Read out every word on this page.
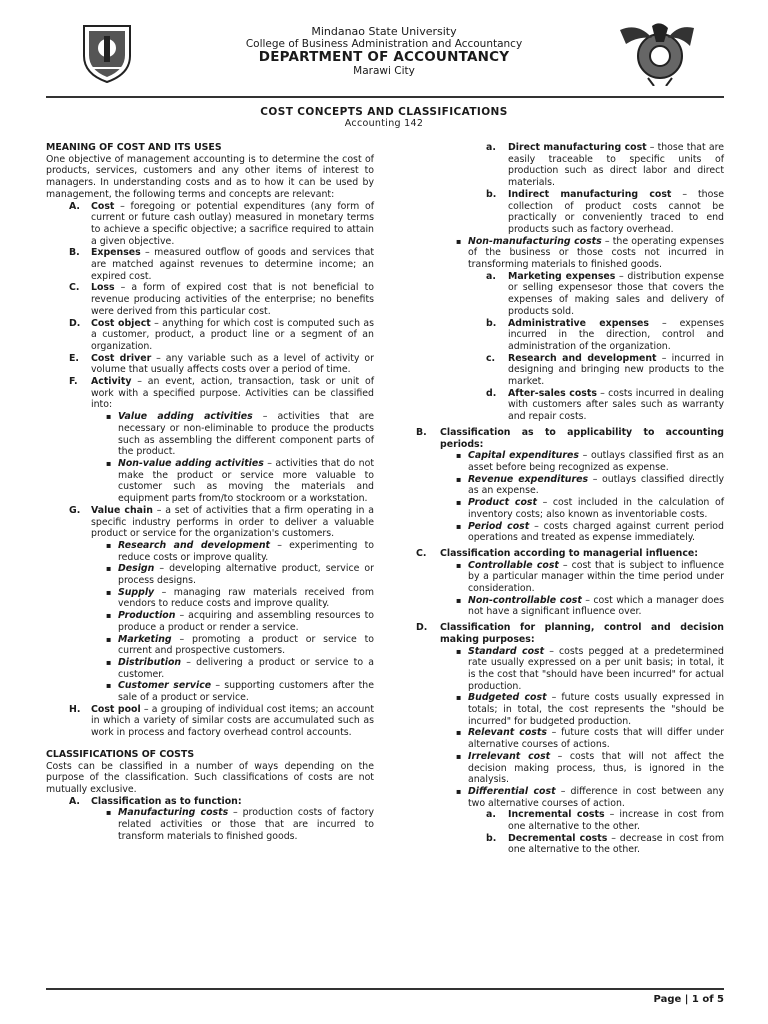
Mindanao State University
College of Business Administration and Accountancy
DEPARTMENT OF ACCOUNTANCY
Marawi City
COST CONCEPTS AND CLASSIFICATIONS
Accounting 142

MEANING OF COST AND ITS USES

One objective of management accounting is to determine the cost of products, services, customers and any other items of interest to managers. In understanding costs and as to how it can be used by management, the following terms and concepts are relevant:

A. Cost – foregoing or potential expenditures (any form of current or future cash outlay) measured in monetary terms to achieve a specific objective; a sacrifice required to attain a given objective.
B. Expenses – measured outflow of goods and services that are matched against revenues to determine income; an expired cost.
C. Loss – a form of expired cost that is not beneficial to revenue producing activities of the enterprise; no benefits were derived from this particular cost.
D. Cost object – anything for which cost is computed such as a customer, product, a product line or a segment of an organization.
E. Cost driver – any variable such as a level of activity or volume that usually affects costs over a period of time.
F. Activity – an event, action, transaction, task or unit of work with a specified purpose. Activities can be classified into:
▪ Value adding activities – activities that are necessary or non-eliminable to produce the products such as assembling the different component parts of the product.
▪ Non-value adding activities – activities that do not make the product or service more valuable to customer such as moving the materials and equipment parts from/to stockroom or a workstation.
G. Value chain – a set of activities that a firm operating in a specific industry performs in order to deliver a valuable product or service for the organization's customers.
▪ Research and development – experimenting to reduce costs or improve quality.
▪ Design – developing alternative product, service or process designs.
▪ Supply – managing raw materials received from vendors to reduce costs and improve quality.
▪ Production – acquiring and assembling resources to produce a product or render a service.
▪ Marketing – promoting a product or service to current and prospective customers.
▪ Distribution – delivering a product or service to a customer.
▪ Customer service – supporting customers after the sale of a product or service.
H. Cost pool – a grouping of individual cost items; an account in which a variety of similar costs are accumulated such as work in process and factory overhead control accounts.

CLASSIFICATIONS OF COSTS

Costs can be classified in a number of ways depending on the purpose of the classification. Such classifications of costs are not mutually exclusive.

A. Classification as to function:
▪ Manufacturing costs – production costs of factory related activities or those that are incurred to transform materials to finished goods.
a. Direct manufacturing cost – those that are easily traceable to specific units of production such as direct labor and direct materials.
b. Indirect manufacturing cost – those collection of product costs cannot be practically or conveniently traced to end products such as factory overhead.
▪ Non-manufacturing costs – the operating expenses of the business or those costs not incurred in transforming materials to finished goods.
a. Marketing expenses – distribution expense or selling expensesor those that covers the expenses of making sales and delivery of products sold.
b. Administrative expenses – expenses incurred in the direction, control and administration of the organization.
c. Research and development – incurred in designing and bringing new products to the market.
d. After-sales costs – costs incurred in dealing with customers after sales such as warranty and repair costs.
B. Classification as to applicability to accounting periods:
▪ Capital expenditures – outlays classified first as an asset before being recognized as expense.
▪ Revenue expenditures – outlays classified directly as an expense.
▪ Product cost – cost included in the calculation of inventory costs; also known as inventoriable costs.
▪ Period cost – costs charged against current period operations and treated as expense immediately.
C. Classification according to managerial influence:
▪ Controllable cost – cost that is subject to influence by a particular manager within the time period under consideration.
▪ Non-controllable cost – cost which a manager does not have a significant influence over.
D. Classification for planning, control and decision making purposes:
▪ Standard cost – costs pegged at a predetermined rate usually expressed on a per unit basis; in total, it is the cost that "should have been incurred" for actual production.
▪ Budgeted cost – future costs usually expressed in totals; in total, the cost represents the "should be incurred" for budgeted production.
▪ Relevant costs – future costs that will differ under alternative courses of actions.
▪ Irrelevant cost – costs that will not affect the decision making process, thus, is ignored in the analysis.
▪ Differential cost – difference in cost between any two alternative courses of action.
a. Incremental costs – increase in cost from one alternative to the other.
b. Decremental costs – decrease in cost from one alternative to the other.
Page | 1 of 5
